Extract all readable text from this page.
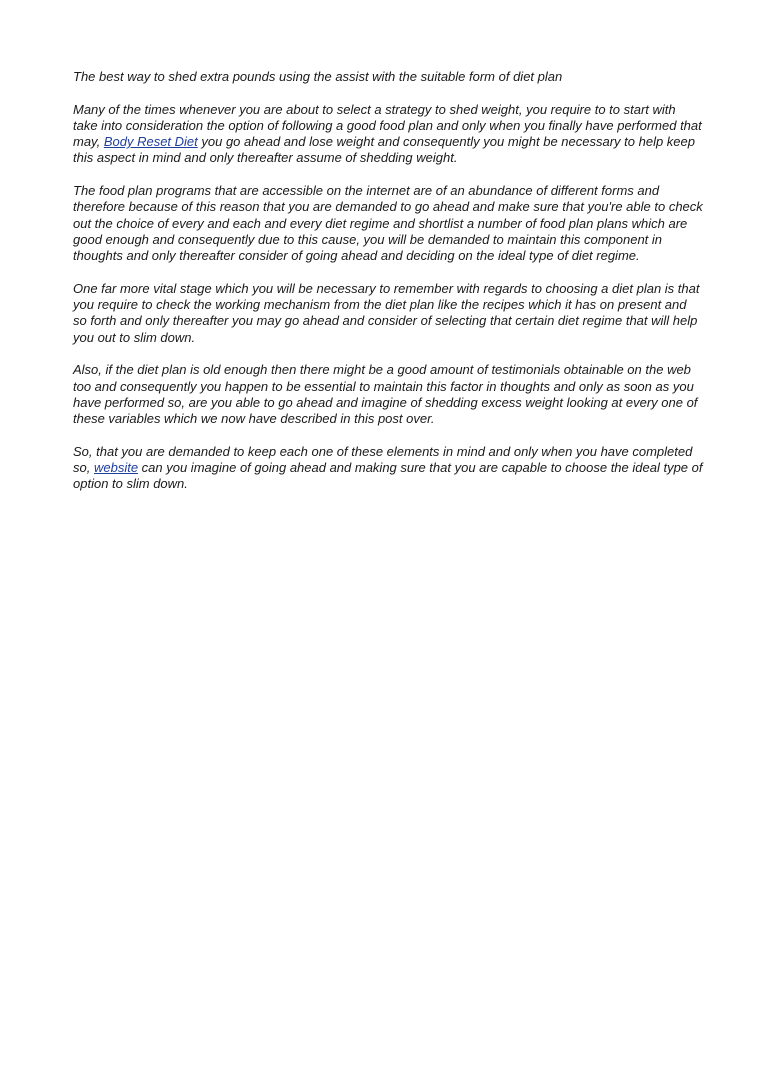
The best way to shed extra pounds using the assist with the suitable form of diet plan

Many of the times whenever you are about to select a strategy to shed weight, you require to to start with take into consideration the option of following a good food plan and only when you finally have performed that may, Body Reset Diet you go ahead and lose weight and consequently you might be necessary to help keep this aspect in mind and only thereafter assume of shedding weight.

The food plan programs that are accessible on the internet are of an abundance of different forms and therefore because of this reason that you are demanded to go ahead and make sure that you're able to check out the choice of every and each and every diet regime and shortlist a number of food plan plans which are good enough and consequently due to this cause, you will be demanded to maintain this component in thoughts and only thereafter consider of going ahead and deciding on the ideal type of diet regime.

One far more vital stage which you will be necessary to remember with regards to choosing a diet plan is that you require to check the working mechanism from the diet plan like the recipes which it has on present and so forth and only thereafter you may go ahead and consider of selecting that certain diet regime that will help you out to slim down.

Also, if the diet plan is old enough then there might be a good amount of testimonials obtainable on the web too and consequently you happen to be essential to maintain this factor in thoughts and only as soon as you have performed so, are you able to go ahead and imagine of shedding excess weight looking at every one of these variables which we now have described in this post over.

So, that you are demanded to keep each one of these elements in mind and only when you have completed so, website can you imagine of going ahead and making sure that you are capable to choose the ideal type of option to slim down.
